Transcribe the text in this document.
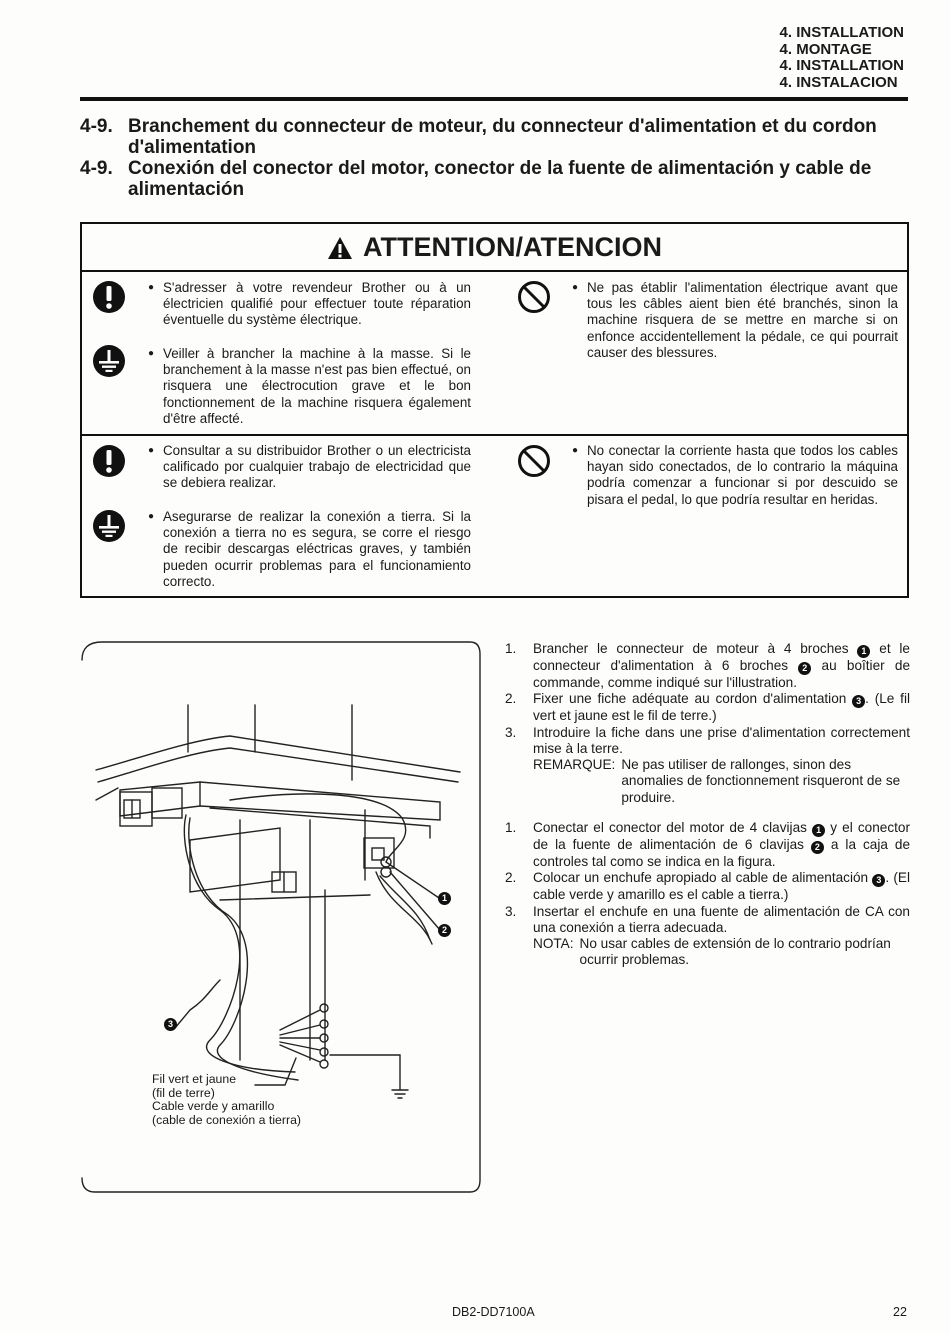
4. INSTALLATION
4. MONTAGE
4. INSTALLATION
4. INSTALACION
4-9. Branchement du connecteur de moteur, du connecteur d'alimentation et du cordon d'alimentation
4-9. Conexión del conector del motor, conector de la fuente de alimentación y cable de alimentación
ATTENTION/ATENCION
● S'adresser à votre revendeur Brother ou à un électricien qualifié pour effectuer toute réparation éventuelle du système électrique.
● Veiller à brancher la machine à la masse. Si le branchement à la masse n'est pas bien effectué, on risquera une électrocution grave et le bon fonctionnement de la machine risquera également d'être affecté.
● Ne pas établir l'alimentation électrique avant que tous les câbles aient bien été branchés, sinon la machine risquera de se mettre en marche si on enfonce accidentellement la pédale, ce qui pourrait causer des blessures.
● Consultar a su distribuidor Brother o un electricista calificado por cualquier trabajo de electricidad que se debiera realizar.
● Asegurarse de realizar la conexión a tierra. Si la conexión a tierra no es segura, se corre el riesgo de recibir descargas eléctricas graves, y también pueden ocurrir problemas para el funcionamiento correcto.
● No conectar la corriente hasta que todos los cables hayan sido conectados, de lo contrario la máquina podría comenzar a funcionar si por descuido se pisara el pedal, lo que podría resultar en heridas.
1
2
3
Fil vert et jaune
(fil de terre)
Cable verde y amarillo
(cable de conexión a tierra)
1. Brancher le connecteur de moteur à 4 broches 1 et le connecteur d'alimentation à 6 broches 2 au boîtier de commande, comme indiqué sur l'illustration.
2. Fixer une fiche adéquate au cordon d'alimentation 3 . (Le fil vert et jaune est le fil de terre.)
3. Introduire la fiche dans une prise d'alimentation correctement mise à la terre.
REMARQUE: Ne pas utiliser de rallonges, sinon des anomalies de fonctionnement risqueront de se produire.
1. Conectar el conector del motor de 4 clavijas 1 y el conector de la fuente de alimentación de 6 clavijas 2 a la caja de controles tal como se indica en la figura.
2. Colocar un enchufe apropiado al cable de alimentación 3 . (El cable verde y amarillo es el cable a tierra.)
3. Insertar el enchufe en una fuente de alimentación de CA con una conexión a tierra adecuada.
NOTA: No usar cables de extensión de lo contrario podrían ocurrir problemas.
DB2-DD7100A	22
